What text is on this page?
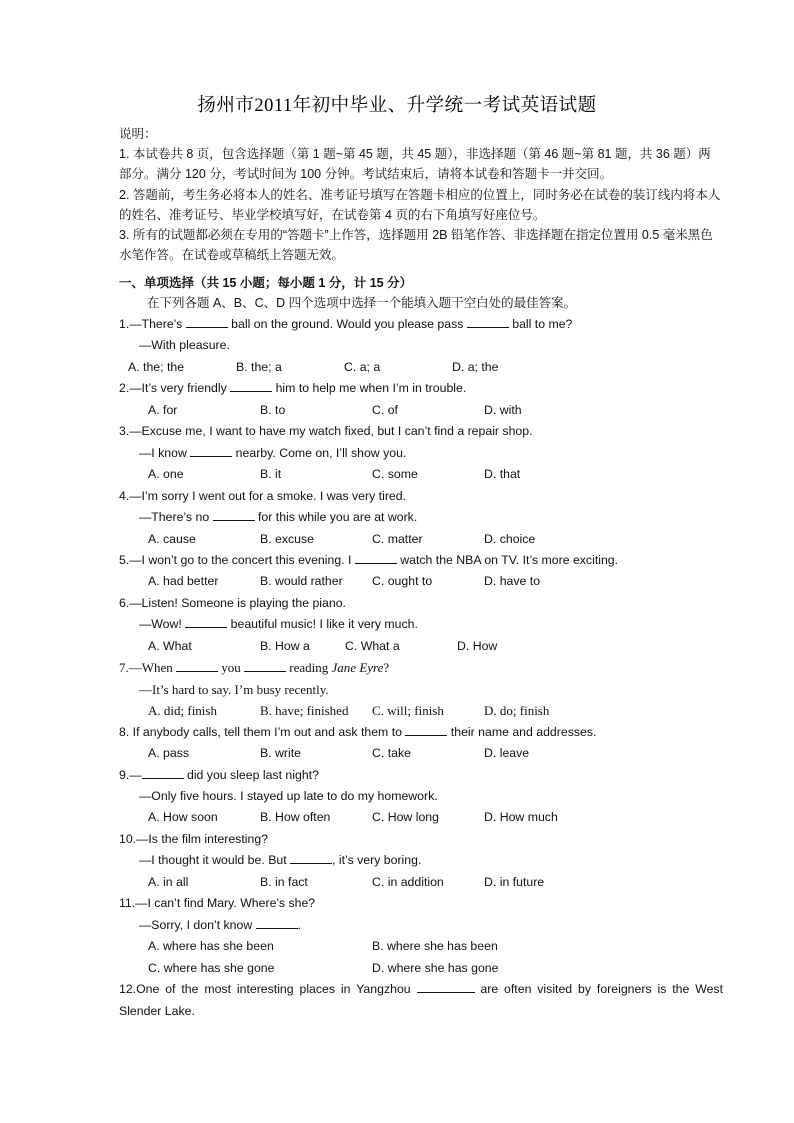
扬州市2011年初中毕业、升学统一考试英语试题

说明：

1. 本试卷共 8 页，包含选择题（第 1 题~第 45 题，共 45 题），非选择题（第 46 题~第 81 题，共 36 题）两部分。满分 120 分，考试时间为 100 分钟。考试结束后，请将本试卷和答题卡一并交回。

2. 答题前，考生务必将本人的姓名、准考证号填写在答题卡相应的位置上，同时务必在试卷的装订线内将本人的姓名、准考证号、毕业学校填写好，在试卷第 4 页的右下角填写好座位号。

3. 所有的试题都必须在专用的“答题卡”上作答，选择题用 2B 铅笔作答、非选择题在指定位置用 0.5 毫米黑色水笔作答。在试卷或草稿纸上答题无效。

一、单项选择（共 15 小题；每小题 1 分，计 15 分）

在下列各题 A、B、C、D 四个选项中选择一个能填入题干空白处的最佳答案。

1.—There’s	ball on the ground. Would you please pass	ball to me?

—With pleasure.

A. the; the	B. the; a	C. a; a	D. a; the

2.—It’s very friendly	him to help me when I’m in trouble.

A. for	B. to	C. of	D. with

3.—Excuse me, I want to have my watch fixed, but I can’t find a repair shop.

—I know	nearby. Come on, I’ll show you.

A. one	B. it	C. some	D. that

4.—I’m sorry I went out for a smoke. I was very tired.

—There’s no	for this while you are at work.

A. cause	B. excuse	C. matter	D. choice

5.—I won’t go to the concert this evening. I	watch the NBA on TV. It’s more exciting.

A. had better	B. would rather	C. ought to	D. have to

6.—Listen! Someone is playing the piano.

—Wow!	beautiful music! I like it very much.

A. What	B. How a	C. What a	D. How

7.—When	you	reading Jane Eyre?

—It’s hard to say. I’m busy recently.

A. did; finish	B. have; finished	C. will; finish	D. do; finish

8. If anybody calls, tell them I’m out and ask them to	their name and addresses.

A. pass	B. write	C. take	D. leave

9.—	did you sleep last night?

—Only five hours. I stayed up late to do my homework.

A. How soon	B. How often	C. How long	D. How much

10.—Is the film interesting?

—I thought it would be. But	, it’s very boring.

A. in all	B. in fact	C. in addition	D. in future

11.—I can’t find Mary. Where’s she?

—Sorry, I don’t know	.

A. where has she been	B. where she has been
C. where has she gone	D. where she has gone

12.One of the most interesting places in Yangzhou	are often visited by foreigners is the West Slender Lake.
